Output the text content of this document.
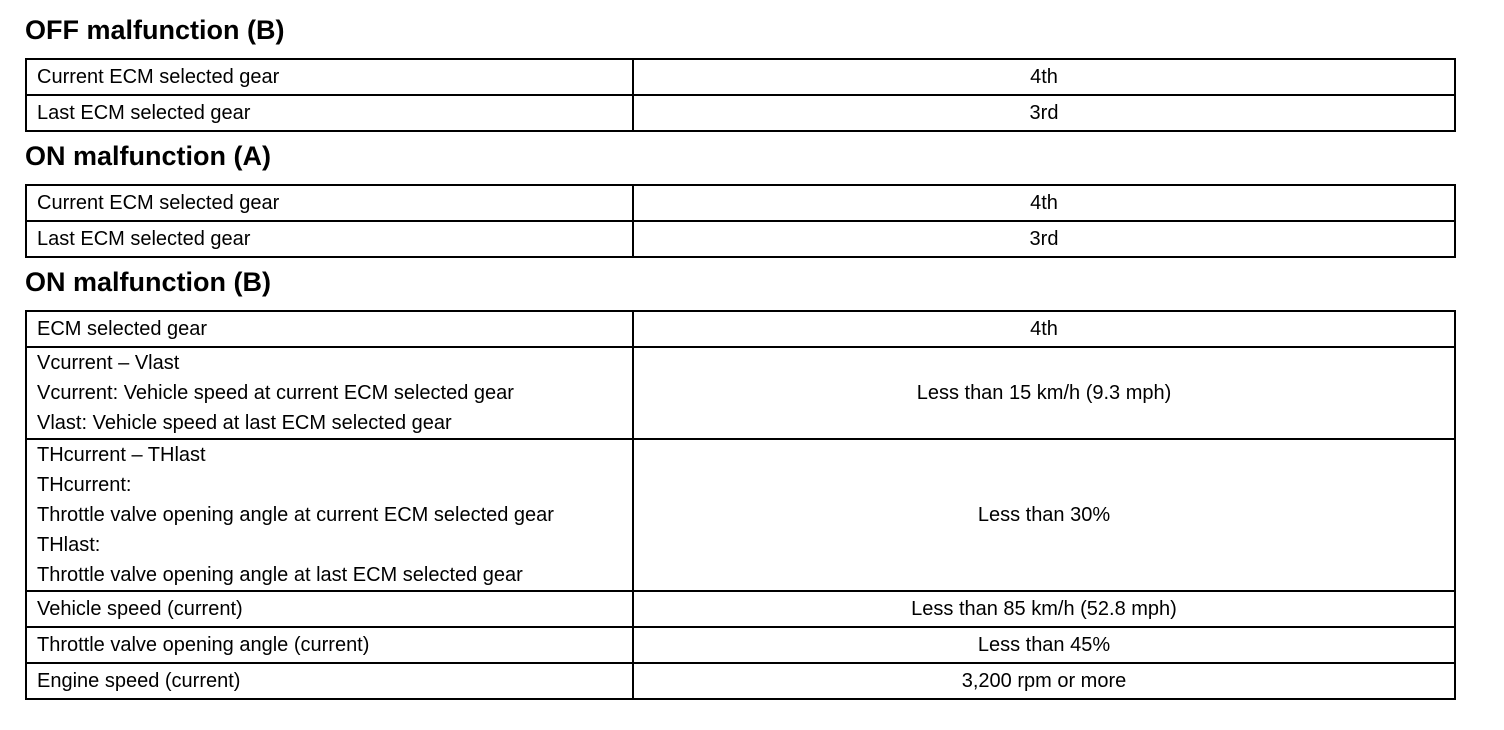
OFF malfunction (B)
Current ECM selected gear	4th
Last ECM selected gear	3rd
ON malfunction (A)
Current ECM selected gear	4th
Last ECM selected gear	3rd
ON malfunction (B)
ECM selected gear	4th

Vcurrent – Vlast
Vcurrent: Vehicle speed at current ECM selected gear
Vlast: Vehicle speed at last ECM selected gear	Less than 15 km/h (9.3 mph)

THcurrent – THlast
THcurrent:
Throttle valve opening angle at current ECM selected gear
THlast:
Throttle valve opening angle at last ECM selected gear	Less than 30%
Vehicle speed (current)	Less than 85 km/h (52.8 mph)
Throttle valve opening angle (current)	Less than 45%
Engine speed (current)	3,200 rpm or more
